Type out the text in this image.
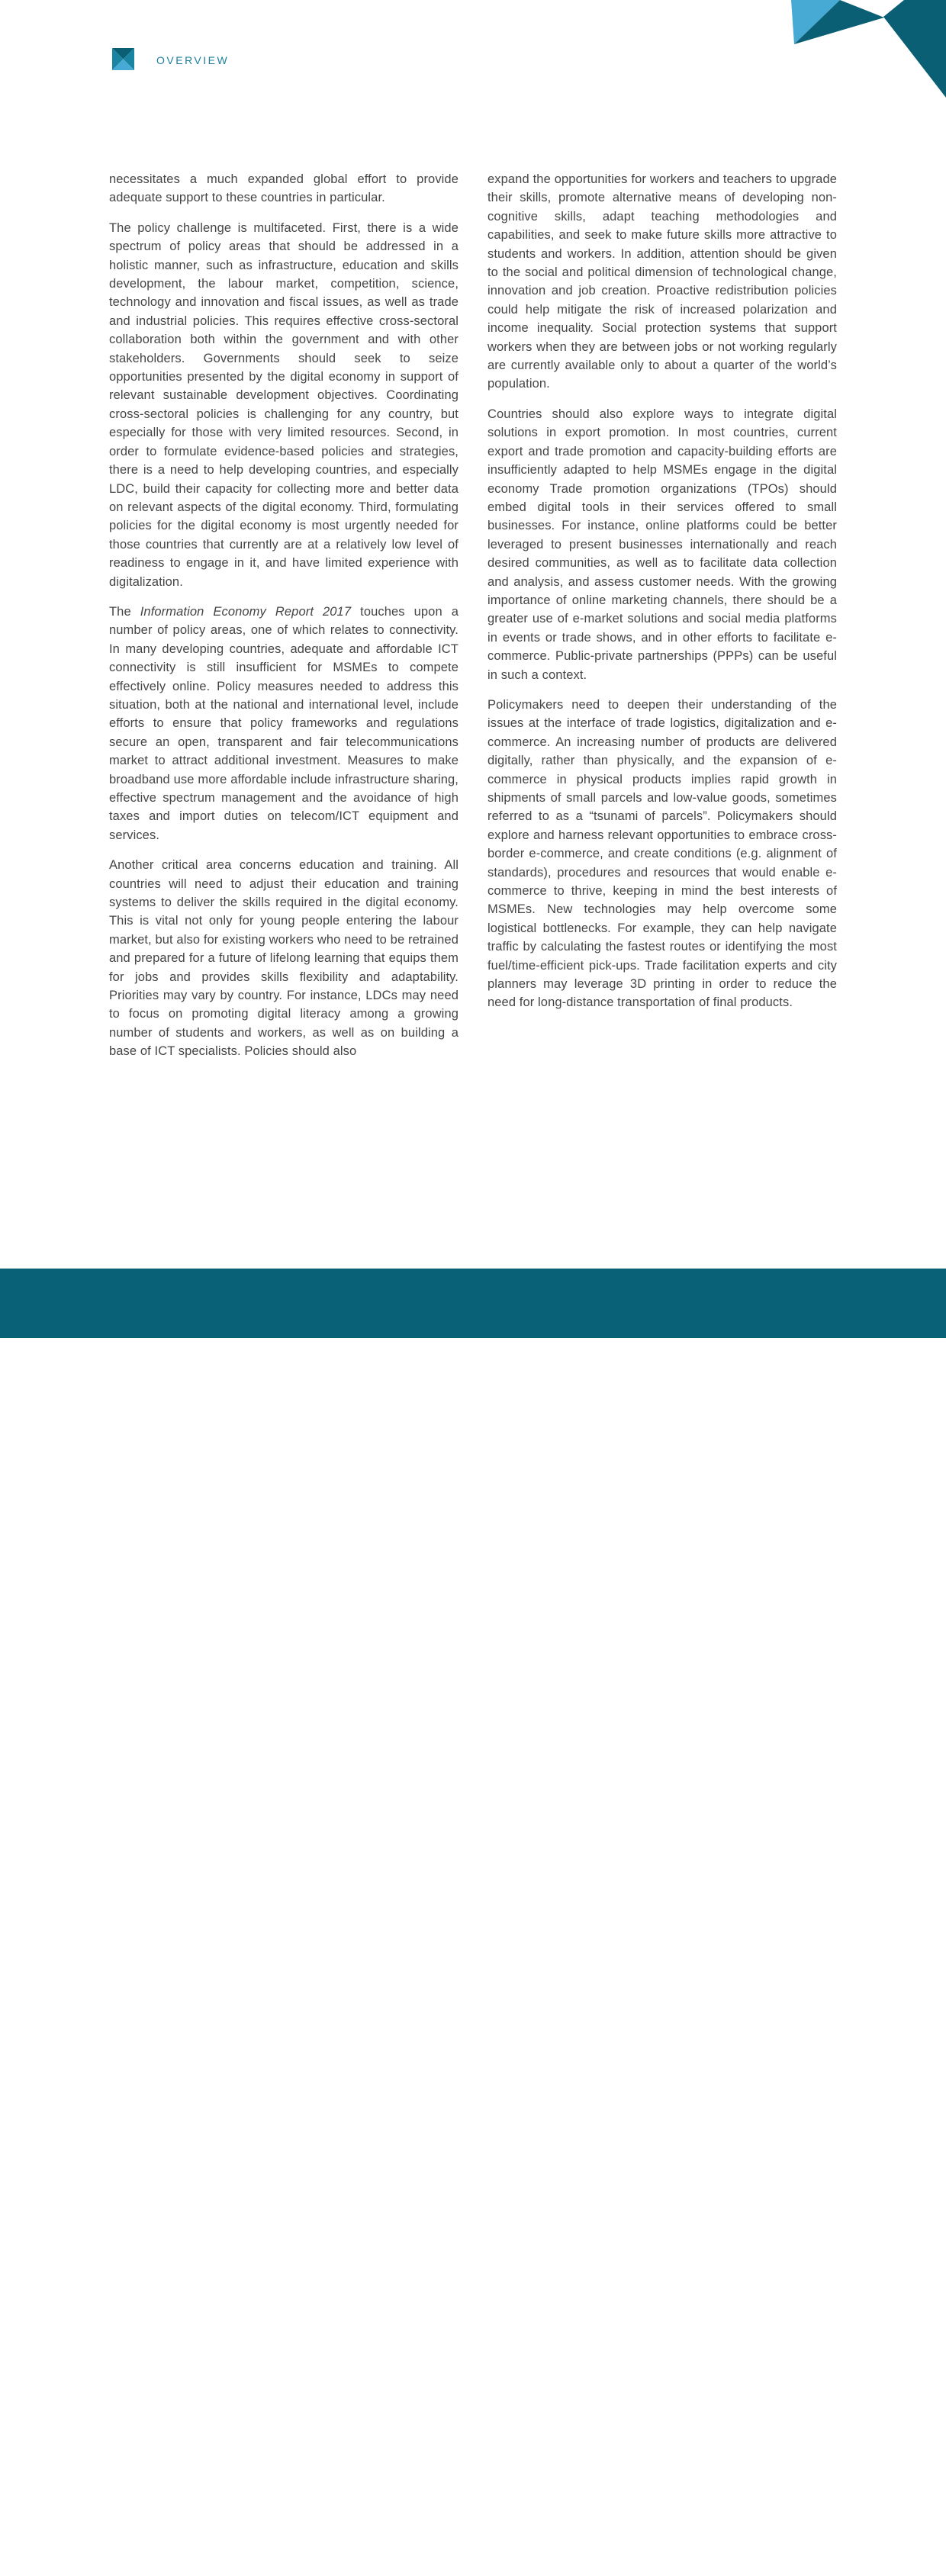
OVERVIEW

necessitates a much expanded global effort to provide adequate support to these countries in particular.

The policy challenge is multifaceted. First, there is a wide spectrum of policy areas that should be addressed in a holistic manner, such as infrastructure, education and skills development, the labour market, competition, science, technology and innovation and fiscal issues, as well as trade and industrial policies. This requires effective cross-sectoral collaboration both within the government and with other stakeholders. Governments should seek to seize opportunities presented by the digital economy in support of relevant sustainable development objectives. Coordinating cross-sectoral policies is challenging for any country, but especially for those with very limited resources. Second, in order to formulate evidence-based policies and strategies, there is a need to help developing countries, and especially LDC, build their capacity for collecting more and better data on relevant aspects of the digital economy. Third, formulating policies for the digital economy is most urgently needed for those countries that currently are at a relatively low level of readiness to engage in it, and have limited experience with digitalization.

The Information Economy Report 2017 touches upon a number of policy areas, one of which relates to connectivity. In many developing countries, adequate and affordable ICT connectivity is still insufficient for MSMEs to compete effectively online. Policy measures needed to address this situation, both at the national and international level, include efforts to ensure that policy frameworks and regulations secure an open, transparent and fair telecommunications market to attract additional investment. Measures to make broadband use more affordable include infrastructure sharing, effective spectrum management and the avoidance of high taxes and import duties on telecom/ICT equipment and services.

Another critical area concerns education and training. All countries will need to adjust their education and training systems to deliver the skills required in the digital economy. This is vital not only for young people entering the labour market, but also for existing workers who need to be retrained and prepared for a future of lifelong learning that equips them for jobs and provides skills flexibility and adaptability. Priorities may vary by country. For instance, LDCs may need to focus on promoting digital literacy among a growing number of students and workers, as well as on building a base of ICT specialists. Policies should also

expand the opportunities for workers and teachers to upgrade their skills, promote alternative means of developing non-cognitive skills, adapt teaching methodologies and capabilities, and seek to make future skills more attractive to students and workers. In addition, attention should be given to the social and political dimension of technological change, innovation and job creation. Proactive redistribution policies could help mitigate the risk of increased polarization and income inequality. Social protection systems that support workers when they are between jobs or not working regularly are currently available only to about a quarter of the world’s population.

Countries should also explore ways to integrate digital solutions in export promotion. In most countries, current export and trade promotion and capacity-building efforts are insufficiently adapted to help MSMEs engage in the digital economy Trade promotion organizations (TPOs) should embed digital tools in their services offered to small businesses. For instance, online platforms could be better leveraged to present businesses internationally and reach desired communities, as well as to facilitate data collection and analysis, and assess customer needs. With the growing importance of online marketing channels, there should be a greater use of e-market solutions and social media platforms in events or trade shows, and in other efforts to facilitate e-commerce. Public-private partnerships (PPPs) can be useful in such a context.

Policymakers need to deepen their understanding of the issues at the interface of trade logistics, digitalization and e-commerce. An increasing number of products are delivered digitally, rather than physically, and the expansion of e-commerce in physical products implies rapid growth in shipments of small parcels and low-value goods, sometimes referred to as a “tsunami of parcels”. Policymakers should explore and harness relevant opportunities to embrace cross-border e-commerce, and create conditions (e.g. alignment of standards), procedures and resources that would enable e-commerce to thrive, keeping in mind the best interests of MSMEs. New technologies may help overcome some logistical bottlenecks. For example, they can help navigate traffic by calculating the fastest routes or identifying the most fuel/time-efficient pick-ups. Trade facilitation experts and city planners may leverage 3D printing in order to reduce the need for long-distance transportation of final products.

XV
